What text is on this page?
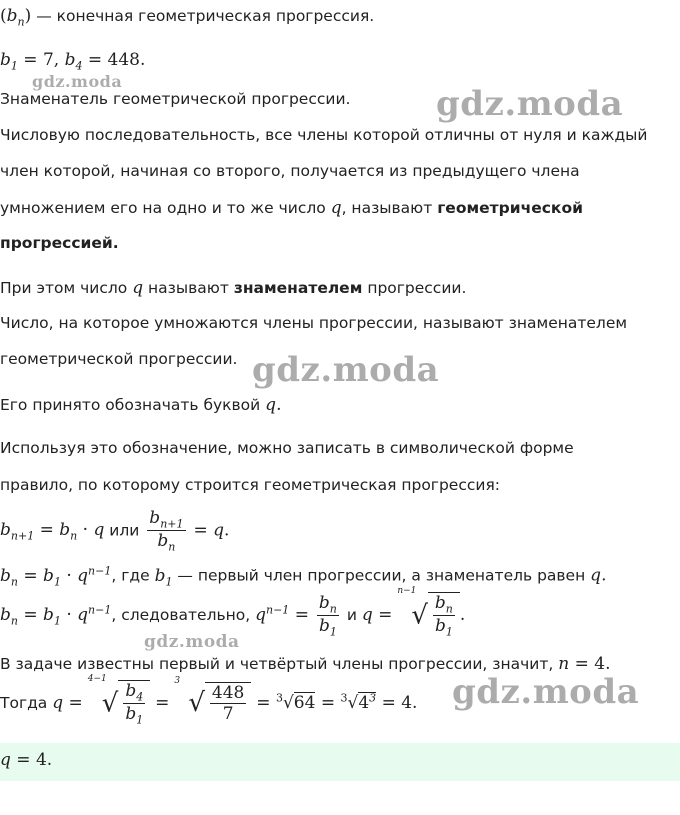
$(b_n)$ — конечная геометрическая прогрессия.
$b_1 = 7$, $b_4 = 448$.
Знаменатель геометрической прогрессии.
Числовую последовательность, все члены которой отличны от нуля и каждый
член которой, начиная со второго, получается из предыдущего члена
умножением его на одно и то же число q, называют геометрической
прогрессией.
При этом число q называют знаменателем прогрессии.
Число, на которое умножаются члены прогрессии, называют знаменателем
геометрической прогрессии.
Его принято обозначать буквой q.
Используя это обозначение, можно записать в символической форме
правило, по которому строится геометрическая прогрессия:
$b_{n+1} = b_n \cdot q$ или $\frac{b_{n+1}}{b_n} = q$.
$b_n = b_1 \cdot q^{n-1}$, где $b_1$ — первый член прогрессии, а знаменатель равен q.
$b_n = b_1 \cdot q^{n-1}$, следовательно, $q^{n-1} = \frac{b_n}{b_1}$ и q =
n−1
√ $\frac{b_n}{b_1}$ .
В задаче известны первый и четвёртый члены прогрессии, значит, n = 4.
Тогда q =
4−1
√ $\frac{b_4}{b_1}$ =
3
√ $\frac{448}{7} = ^3√64 = ^3√4^3 = 4$.
q = 4.
gdz.moda
gdz.moda
gdz.moda
gdz.moda
gdz.moda
